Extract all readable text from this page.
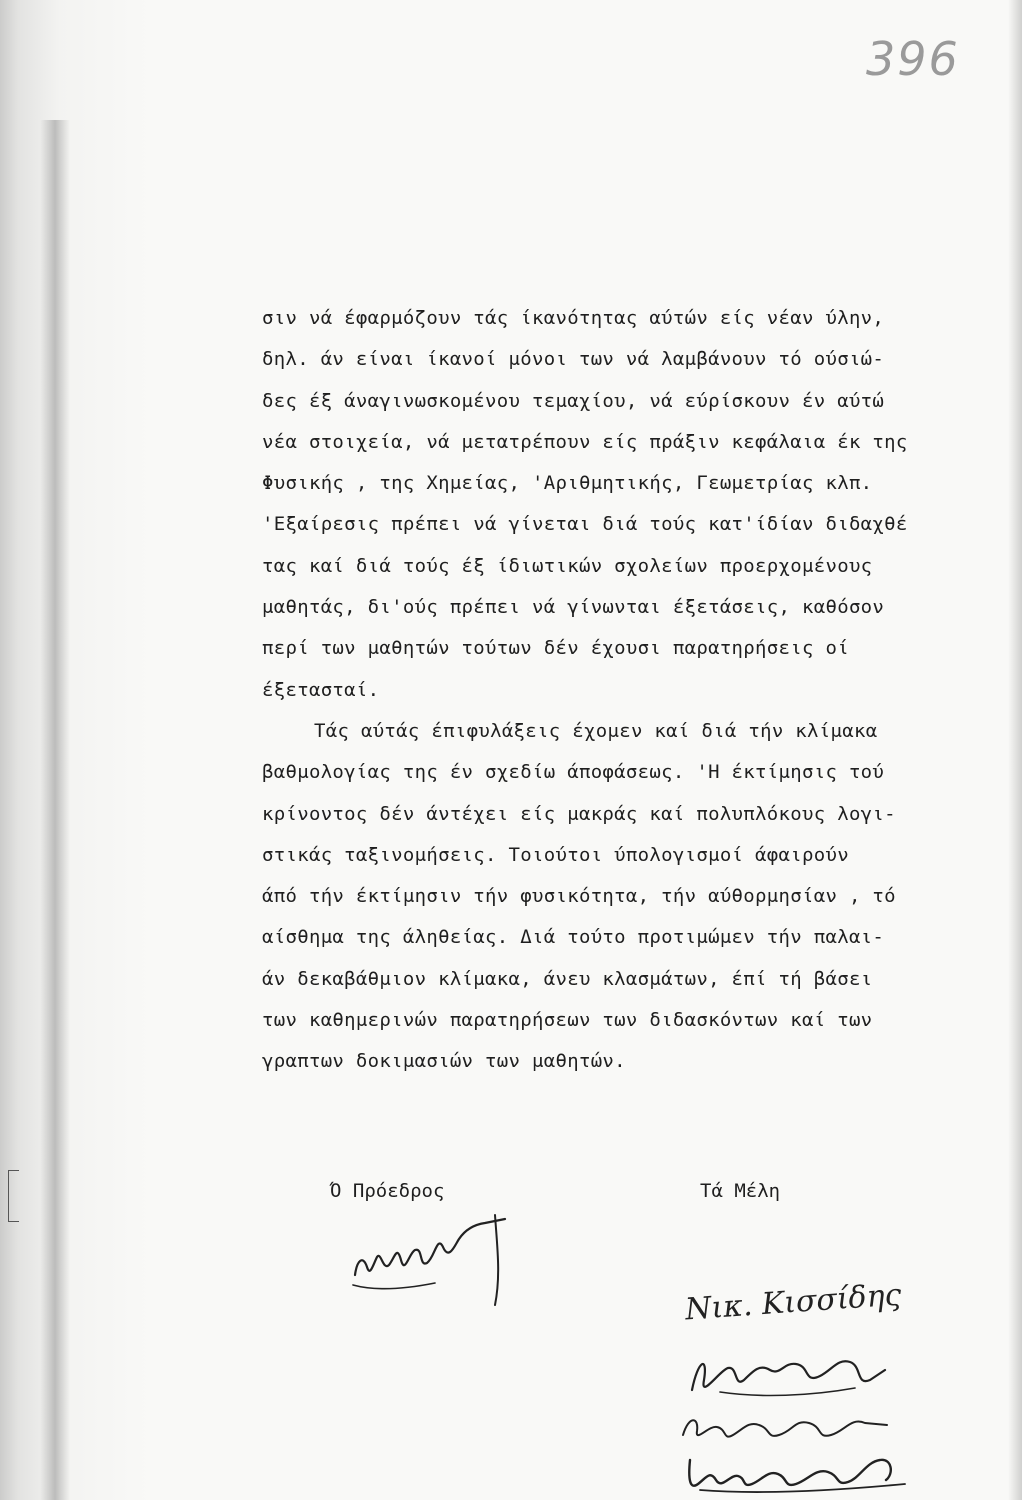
396
σιν νά έφαρμόζουν τάς ίκανότητας αύτών είς νέαν ύλην,
δηλ. άν είναι ίκανοί μόνοι των νά λαμβάνουν τό ούσιώ-
δες έξ άναγινωσκομένου τεμαχίου, νά εύρίσκουν έν αύτώ
νέα στοιχεία, νά μετατρέπουν είς πράξιν κεφάλαια έκ της
Φυσικής , της Χημείας, 'Αριθμητικής, Γεωμετρίας κλπ.
'Εξαίρεσις πρέπει νά γίνεται διά τούς κατ'ίδίαν διδαχθέ
τας καί διά τούς έξ ίδιωτικών σχολείων προερχομένους
μαθητάς, δι'ούς πρέπει νά γίνωνται έξετάσεις, καθόσον
περί των μαθητών τούτων δέν έχουσι παρατηρήσεις οί
έξετασταί.
Τάς αύτάς έπιφυλάξεις έχομεν καί διά τήν κλίμακα
βαθμολογίας της έν σχεδίω άποφάσεως. 'Η έκτίμησις τού
κρίνοντος δέν άντέχει είς μακράς καί πολυπλόκους λογι-
στικάς ταξινομήσεις. Τοιούτοι ύπολογισμοί άφαιρούν
άπό τήν έκτίμησιν τήν φυσικότητα, τήν αύθορμησίαν , τό
αίσθημα της άληθείας. Διά τούτο προτιμώμεν τήν παλαι-
άν δεκαβάθμιον κλίμακα, άνευ κλασμάτων, έπί τή βάσει
των καθημερινών παρατηρήσεων των διδασκόντων καί των
γραπτων δοκιμασιών των μαθητών.
Ό Πρόεδρος	Τά Μέλη
Νικ. Κισσίδης
